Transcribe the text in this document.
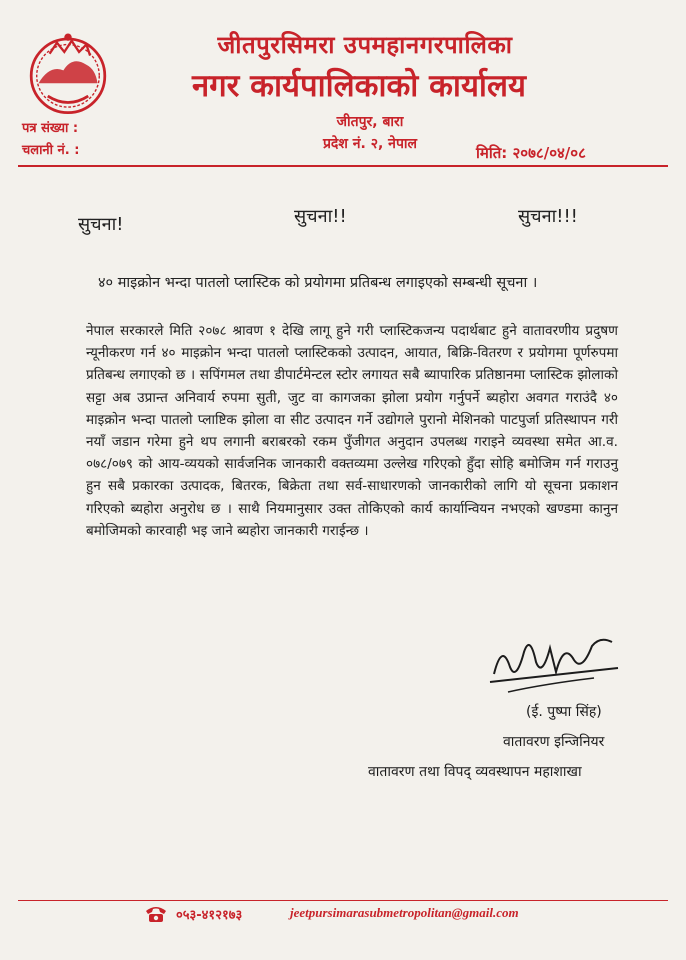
जीतपुरसिमरा उपमहानगरपालिका
नगर कार्यपालिकाको कार्यालय
पत्र संख्या :
चलानी नं. :
जीतपुर, बारा
प्रदेश नं. २, नेपाल	मिति: २०७८/०४/०८
सुचना!	सुचना!!	सुचना!!!
४० माइक्रोन भन्दा पातलो प्लास्टिक को प्रयोगमा प्रतिबन्ध लगाइएको सम्बन्धी सूचना ।
नेपाल सरकारले मिति २०७८ श्रावण १ देखि लागू हुने गरी प्लास्टिकजन्य पदार्थबाट हुने वातावरणीय प्रदुषण न्यूनीकरण गर्न ४० माइक्रोन भन्दा पातलो प्लास्टिकको उत्पादन, आयात, बिक्रि-वितरण र प्रयोगमा पूर्णरुपमा प्रतिबन्ध लगाएको छ । सपिंगमल तथा डीपार्टमेन्टल स्टोर लगायत सबै ब्यापारिक प्रतिष्ठानमा प्लास्टिक झोलाको सट्टा अब उप्रान्त अनिवार्य रुपमा सुती, जुट वा कागजका झोला प्रयोग गर्नुपर्ने ब्यहोरा अवगत गराउंदै ४० माइक्रोन भन्दा पातलो प्लाष्टिक झोला वा सीट उत्पादन गर्ने उद्योगले पुरानो मेशिनको पाटपुर्जा प्रतिस्थापन गरी नयाँ जडान गरेमा हुने थप लगानी बराबरको रकम पुँजीगत अनुदान उपलब्ध गराइने व्यवस्था समेत आ.व. ०७८/०७९ को आय-व्ययको सार्वजनिक जानकारी वक्तव्यमा उल्लेख गरिएको हुँदा सोहि बमोजिम गर्न गराउनु हुन सबै प्रकारका उत्पादक, बितरक, बिक्रेता तथा सर्व-साधारणको जानकारीको लागि यो सूचना प्रकाशन गरिएको ब्यहोरा अनुरोध छ । साथै नियमानुसार उक्त तोकिएको कार्य कार्यान्वियन नभएको खण्डमा कानुन बमोजिमको कारवाही भइ जाने ब्यहोरा जानकारी गराईन्छ ।
(ई. पुष्पा सिंह)
वातावरण इन्जिनियर
वातावरण तथा विपद् व्यवस्थापन महाशाखा
०५३-४१२१७३	jeetpursimarasubmetropolitan@gmail.com
